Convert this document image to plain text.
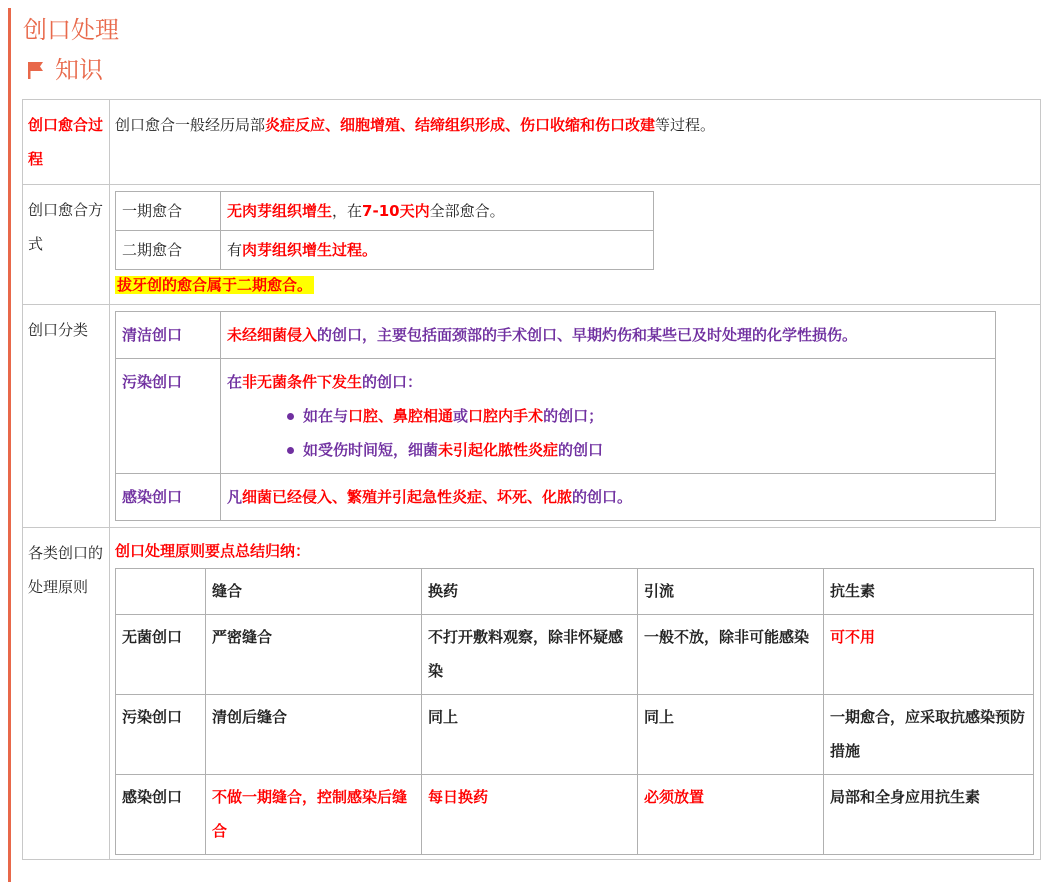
创口处理
知识
创口愈合过程	创口愈合一般经历局部炎症反应、细胞增殖、结缔组织形成、伤口收缩和伤口改建等过程。
创口愈合方式	
一期愈合	无肉芽组织增生，在7-10天内全部愈合。
二期愈合	有肉芽组织增生过程。
拔牙创的愈合属于二期愈合。

创口分类	清洁创口	未经细菌侵入的创口，主要包括面颈部的手术创口、早期灼伤和某些已及时处理的化学性损伤。
污染创口	在非无菌条件下发生的创口：
如在与口腔、鼻腔相通或口腔内手术的创口；
如受伤时间短，细菌未引起化脓性炎症的创口

感染创口	凡细菌已经侵入、繁殖并引起急性炎症、坏死、化脓的创口。

各类创口的处理原则	
创口处理原则要点总结归纳：
	缝合	换药	引流	抗生素
无菌创口	严密缝合	不打开敷料观察，除非怀疑感染	一般不放，除非可能感染	可不用
污染创口	清创后缝合	同上	同上	一期愈合，应采取抗感染预防措施
感染创口	不做一期缝合，控制感染后缝合	每日换药	必须放置	局部和全身应用抗生素
